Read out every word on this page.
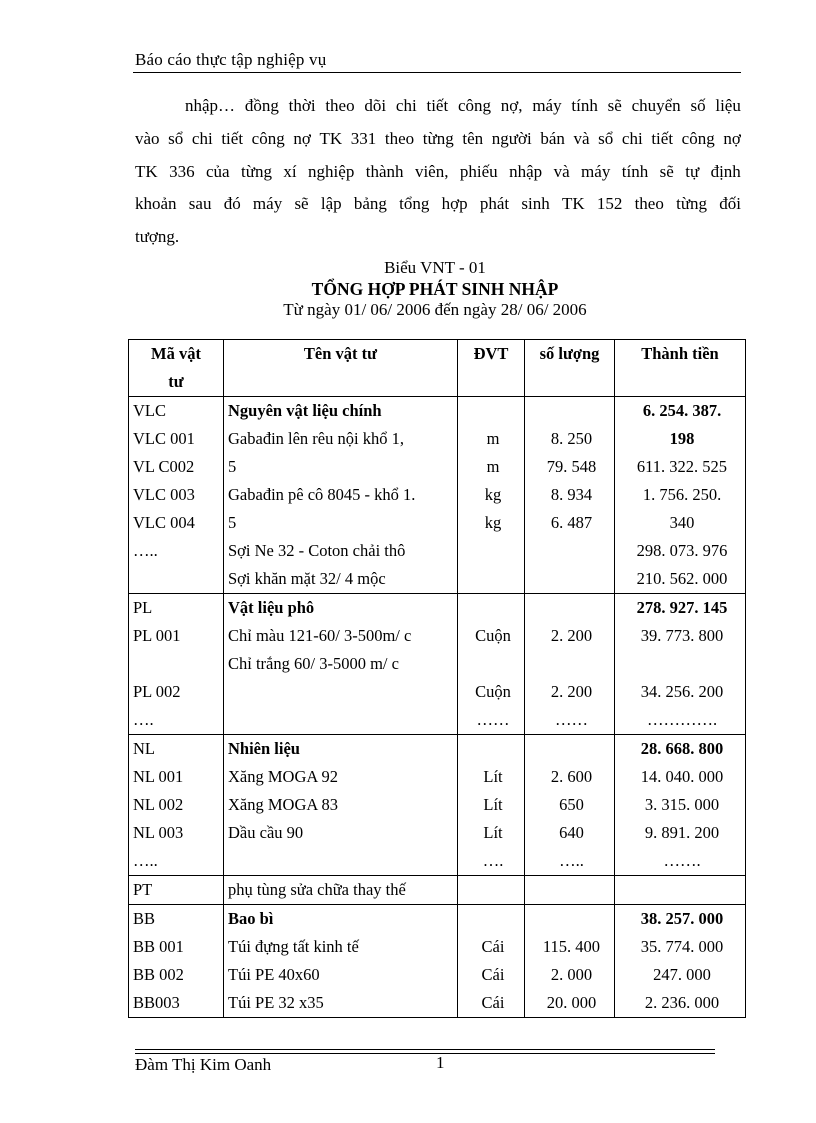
Báo cáo thực tập nghiệp vụ
nhập… đồng thời theo dõi chi tiết công nợ, máy tính sẽ chuyển số liệu
vào sổ chi tiết công nợ TK 331 theo từng tên người bán và sổ chi tiết công nợ
TK 336 của từng xí nghiệp thành viên, phiếu nhập và máy tính sẽ tự định
khoản sau đó máy sẽ lập bảng tổng hợp phát sinh TK 152 theo từng đối
tượng.
Biểu VNT - 01
TỔNG HỢP PHÁT SINH NHẬP
Từ ngày 01/ 06/ 2006 đến ngày 28/ 06/ 2006
Mã vật
tư	Tên vật tư	ĐVT	số lượng	Thành tiền
VLC	Nguyên vật liệu chính			6. 254. 387.
VLC 001	Gabađin lên rêu nội khổ 1,	m	8. 250	198
VL C002	5	m	79. 548	611. 322. 525
VLC 003	Gabađin pê cô 8045 - khổ 1.	kg	8. 934	1. 756. 250.
VLC 004	5	kg	6. 487	340
…..	Sợi Ne 32 - Coton chải thô			298. 073. 976
	Sợi khăn mặt 32/ 4 mộc			210. 562. 000
PL	Vật liệu phô			278. 927. 145
PL 001	Chỉ màu 121-60/ 3-500m/ c	Cuộn	2. 200	39. 773. 800
	Chỉ trắng 60/ 3-5000 m/ c			
PL 002		Cuộn	2. 200	34. 256. 200
….		……	……	………….
NL	Nhiên liệu			28. 668. 800
NL 001	Xăng MOGA 92	Lít	2. 600	14. 040. 000
NL 002	Xăng MOGA 83	Lít	650	3. 315. 000
NL 003	Dầu cầu 90	Lít	640	9. 891. 200
…..		….	…..	…….
PT	phụ tùng sửa chữa thay thế			
BB	Bao bì			38. 257. 000
BB 001	Túi đựng tất kinh tế	Cái	115. 400	35. 774. 000
BB 002	Túi PE 40x60	Cái	2. 000	247. 000
BB003	Túi PE 32 x35	Cái	20. 000	2. 236. 000
Đàm Thị Kim Oanh	1
